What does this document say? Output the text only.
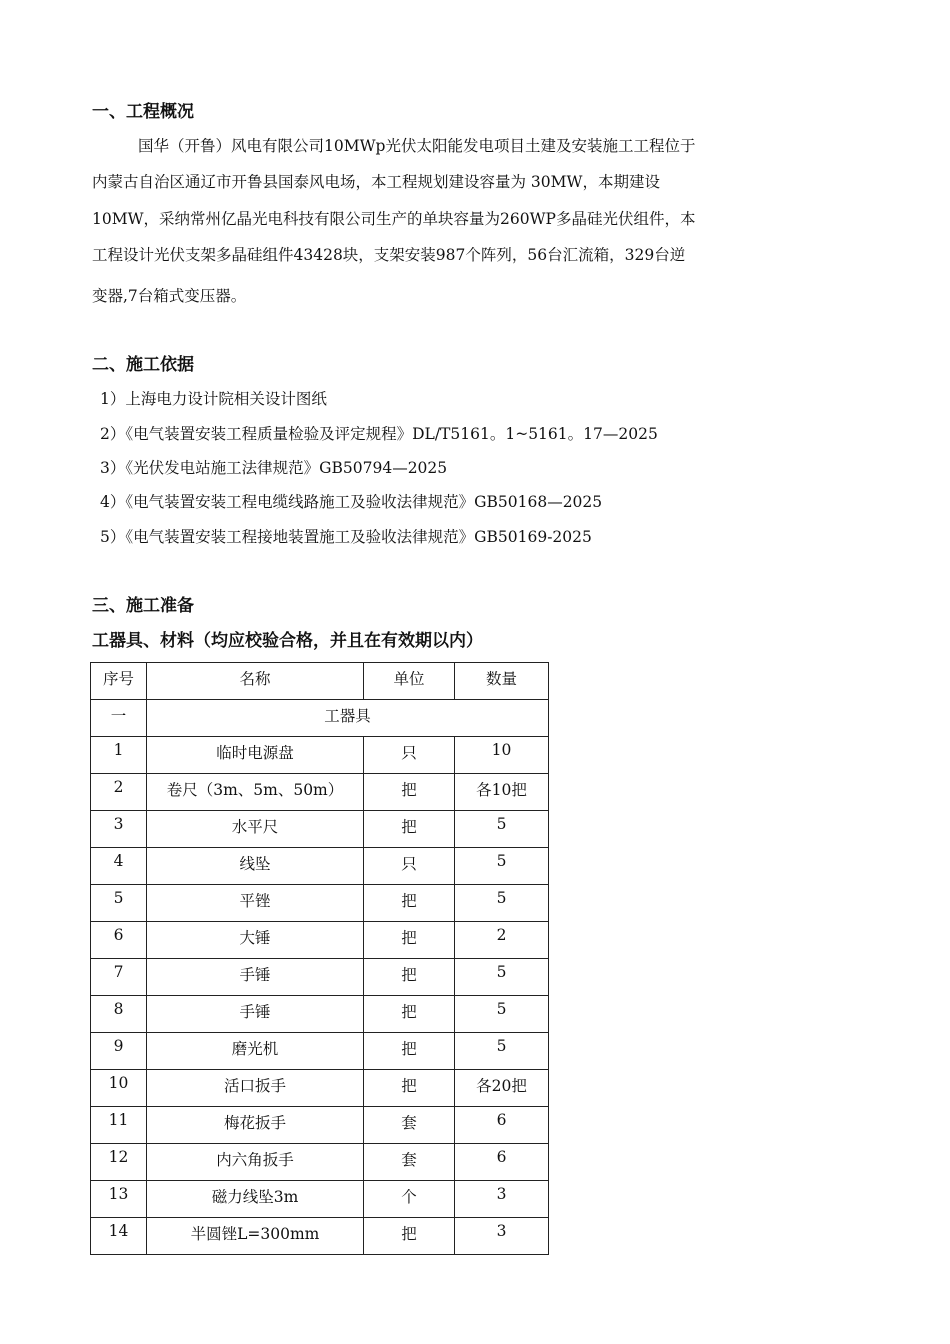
一、工程概况
国华（开鲁）风电有限公司10MWp光伏太阳能发电项目土建及安装施工工程位于
内蒙古自治区通辽市开鲁县国泰风电场，本工程规划建设容量为 30MW，本期建设
10MW，采纳常州亿晶光电科技有限公司生产的单块容量为260WP多晶硅光伏组件，本
工程设计光伏支架多晶硅组件43428块，支架安装987个阵列，56台汇流箱，329台逆
变器,7台箱式变压器。
二、施工依据
1）上海电力设计院相关设计图纸
2）《电气装置安装工程质量检验及评定规程》DL/T5161。1~5161。17—2025
3）《光伏发电站施工法律规范》GB50794—2025
4）《电气装置安装工程电缆线路施工及验收法律规范》GB50168—2025
5）《电气装置安装工程接地装置施工及验收法律规范》GB50169-2025
三、施工准备
工器具、材料（均应校验合格，并且在有效期以内）
序号	名称	单位	数量
一	工器具		
1	临时电源盘	只	10
2	卷尺（3m、5m、50m）	把	各10把
3	水平尺	把	5
4	线坠	只	5
5	平锉	把	5
6	大锤	把	2
7	手锤	把	5
8	手锤	把	5
9	磨光机	把	5
10	活口扳手	把	各20把
11	梅花扳手	套	6
12	内六角扳手	套	6
13	磁力线坠3m	个	3
14	半圆锉L=300mm	把	3
